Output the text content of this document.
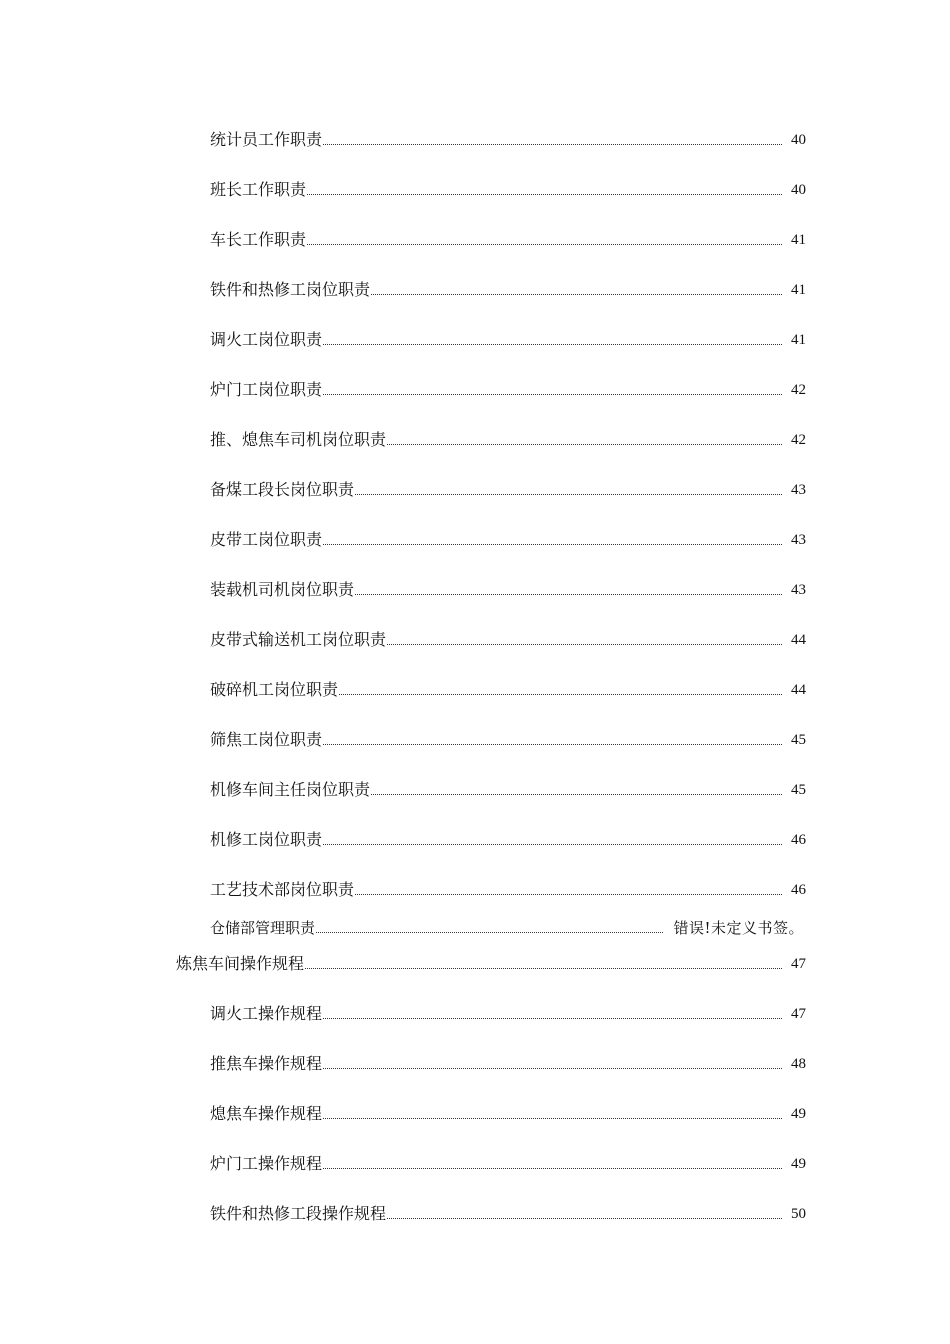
统计员工作职责	40
班长工作职责	40
车长工作职责	41
铁件和热修工岗位职责	41
调火工岗位职责	41
炉门工岗位职责	42
推、熄焦车司机岗位职责	42
备煤工段长岗位职责	43
皮带工岗位职责	43
装载机司机岗位职责	43
皮带式输送机工岗位职责	44
破碎机工岗位职责	44
筛焦工岗位职责	45
机修车间主任岗位职责	45
机修工岗位职责	46
工艺技术部岗位职责	46
仓储部管理职责	错误!未定义书签。
炼焦车间操作规程	47
调火工操作规程	47
推焦车操作规程	48
熄焦车操作规程	49
炉门工操作规程	49
铁件和热修工段操作规程	50
